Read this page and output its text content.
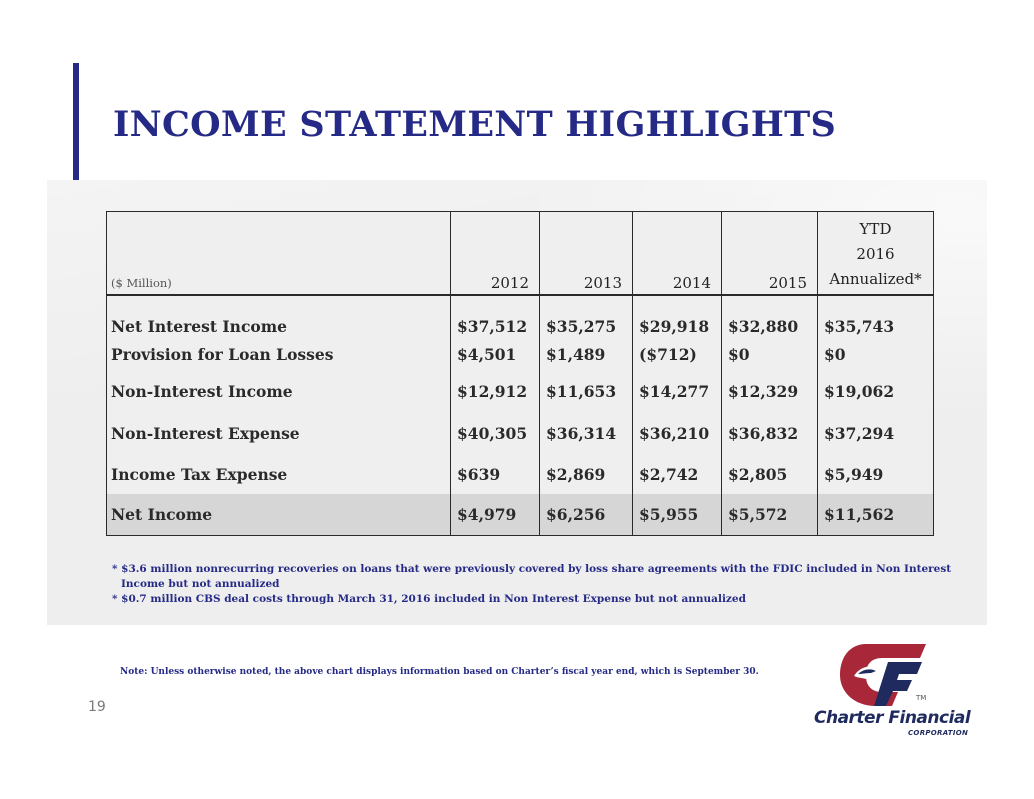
INCOME STATEMENT HIGHLIGHTS
($ Million)	2012	2013	2014	2015	YTD
2016
Annualized*

Net Interest Income	$37,512	$35,275	$29,918	$32,880	$35,743
Provision for Loan Losses	$4,501	$1,489	($712)	$0	$0
Non-Interest Income	$12,912	$11,653	$14,277	$12,329	$19,062
Non-Interest Expense	$40,305	$36,314	$36,210	$36,832	$37,294
Income Tax Expense	$639	$2,869	$2,742	$2,805	$5,949
Net Income	$4,979	$6,256	$5,955	$5,572	$11,562

* $3.6 million nonrecurring recoveries on loans that were previously covered by loss share agreements with the FDIC included in Non Interest Income but not annualized

* $0.7 million CBS deal costs through March 31, 2016 included in Non Interest Expense but not annualized

Note: Unless otherwise noted, the above chart displays information based on Charter’s fiscal year end, which is September 30.
19
TM
Charter Financial
CORPORATION
